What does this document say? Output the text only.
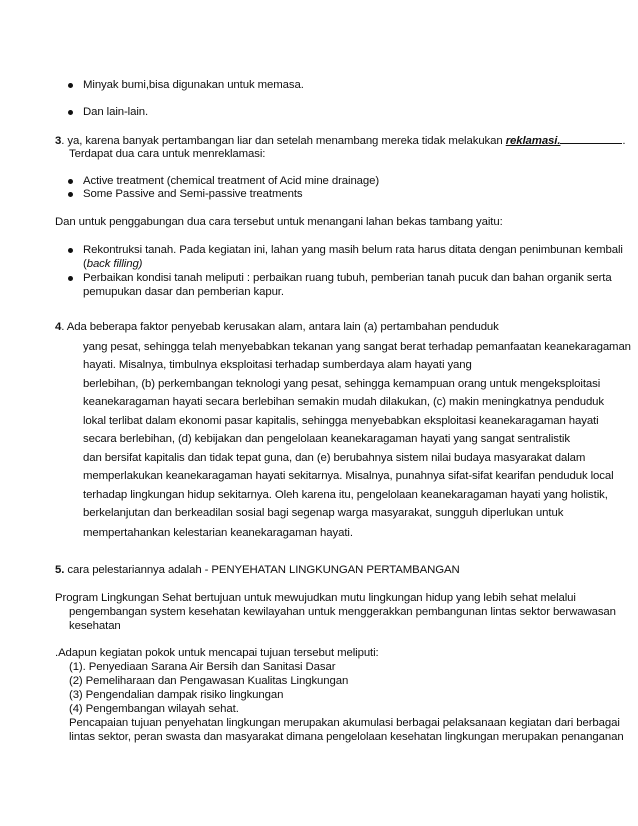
Minyak bumi,bisa digunakan untuk memasa.
Dan lain-lain.
3. ya, karena banyak pertambangan liar dan setelah menambang mereka tidak melakukan reklamasi.	.
Terdapat dua cara untuk menreklamasi:
Active treatment (chemical treatment of Acid mine drainage)
Some Passive and Semi-passive treatments
Dan untuk penggabungan dua cara tersebut untuk menangani lahan bekas tambang yaitu:
Rekontruksi tanah. Pada kegiatan ini, lahan yang masih belum rata harus ditata dengan penimbunan kembali
(back filling)
Perbaikan kondisi tanah meliputi : perbaikan ruang tubuh, pemberian tanah pucuk dan bahan organik serta
pemupukan dasar dan pemberian kapur.
4. Ada beberapa faktor penyebab kerusakan alam, antara lain (a) pertambahan penduduk
yang pesat, sehingga telah menyebabkan tekanan yang sangat berat terhadap pemanfaatan keanekaragaman
hayati. Misalnya, timbulnya eksploitasi terhadap sumberdaya alam hayati yang
berlebihan, (b) perkembangan teknologi yang pesat, sehingga kemampuan orang untuk mengeksploitasi
keanekaragaman hayati secara berlebihan semakin mudah dilakukan, (c) makin meningkatnya penduduk
lokal terlibat dalam ekonomi pasar kapitalis, sehingga menyebabkan eksploitasi keanekaragaman hayati
secara berlebihan, (d) kebijakan dan pengelolaan keanekaragaman hayati yang sangat sentralistik
dan bersifat kapitalis dan tidak tepat guna, dan (e) berubahnya sistem nilai budaya masyarakat dalam
memperlakukan keanekaragaman hayati sekitarnya. Misalnya, punahnya sifat-sifat kearifan penduduk local
terhadap lingkungan hidup sekitarnya. Oleh karena itu, pengelolaan keanekaragaman hayati yang holistik,
berkelanjutan dan berkeadilan sosial bagi segenap warga masyarakat, sungguh diperlukan untuk
mempertahankan kelestarian keanekaragaman hayati.
5. cara pelestariannya adalah - PENYEHATAN LINGKUNGAN PERTAMBANGAN
Program Lingkungan Sehat bertujuan untuk mewujudkan mutu lingkungan hidup yang lebih sehat melalui
pengembangan system kesehatan kewilayahan untuk menggerakkan pembangunan lintas sektor berwawasan
kesehatan
.Adapun kegiatan pokok untuk mencapai tujuan tersebut meliputi:
(1). Penyediaan Sarana Air Bersih dan Sanitasi Dasar
(2) Pemeliharaan dan Pengawasan Kualitas Lingkungan
(3) Pengendalian dampak risiko lingkungan
(4) Pengembangan wilayah sehat.
Pencapaian tujuan penyehatan lingkungan merupakan akumulasi berbagai pelaksanaan kegiatan dari berbagai
lintas sektor, peran swasta dan masyarakat dimana pengelolaan kesehatan lingkungan merupakan penanganan
